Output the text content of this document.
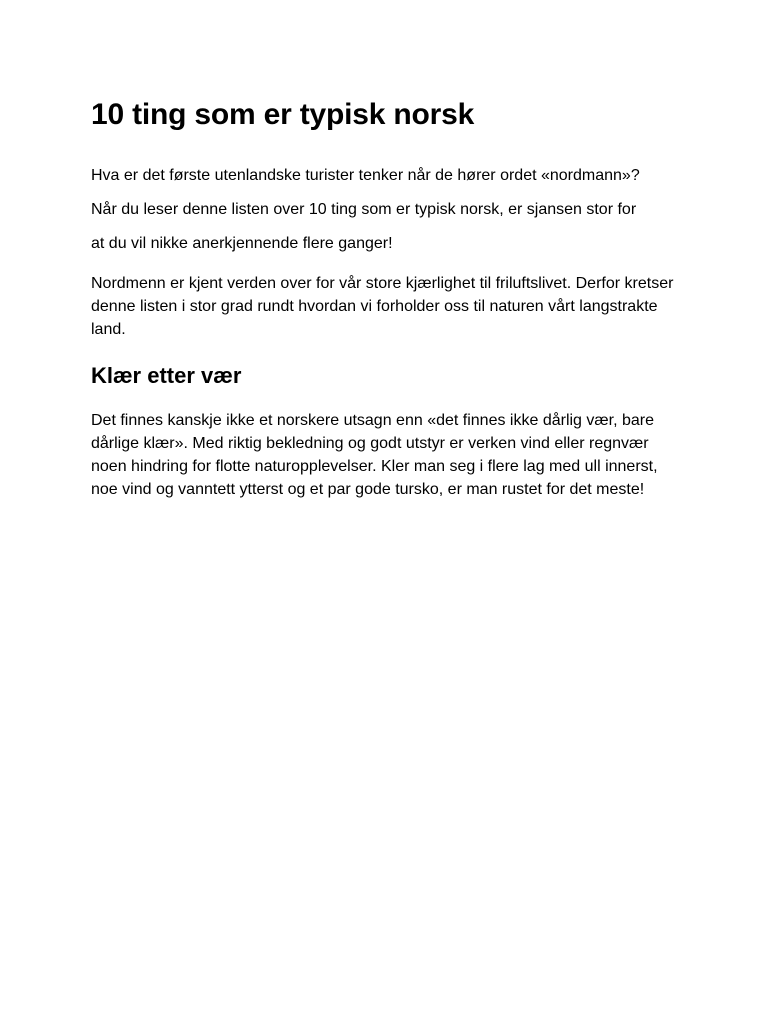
10 ting som er typisk norsk

Hva er det første utenlandske turister tenker når de hører ordet «nordmann»?

Når du leser denne listen over 10 ting som er typisk norsk, er sjansen stor for

at du vil nikke anerkjennende flere ganger!

Nordmenn er kjent verden over for vår store kjærlighet til friluftslivet. Derfor kretser denne listen i stor grad rundt hvordan vi forholder oss til naturen vårt langstrakte land.

Klær etter vær

Det finnes kanskje ikke et norskere utsagn enn «det finnes ikke dårlig vær, bare dårlige klær». Med riktig bekledning og godt utstyr er verken vind eller regnvær noen hindring for flotte naturopplevelser. Kler man seg i flere lag med ull innerst, noe vind og vanntett ytterst og et par gode tursko, er man rustet for det meste!
